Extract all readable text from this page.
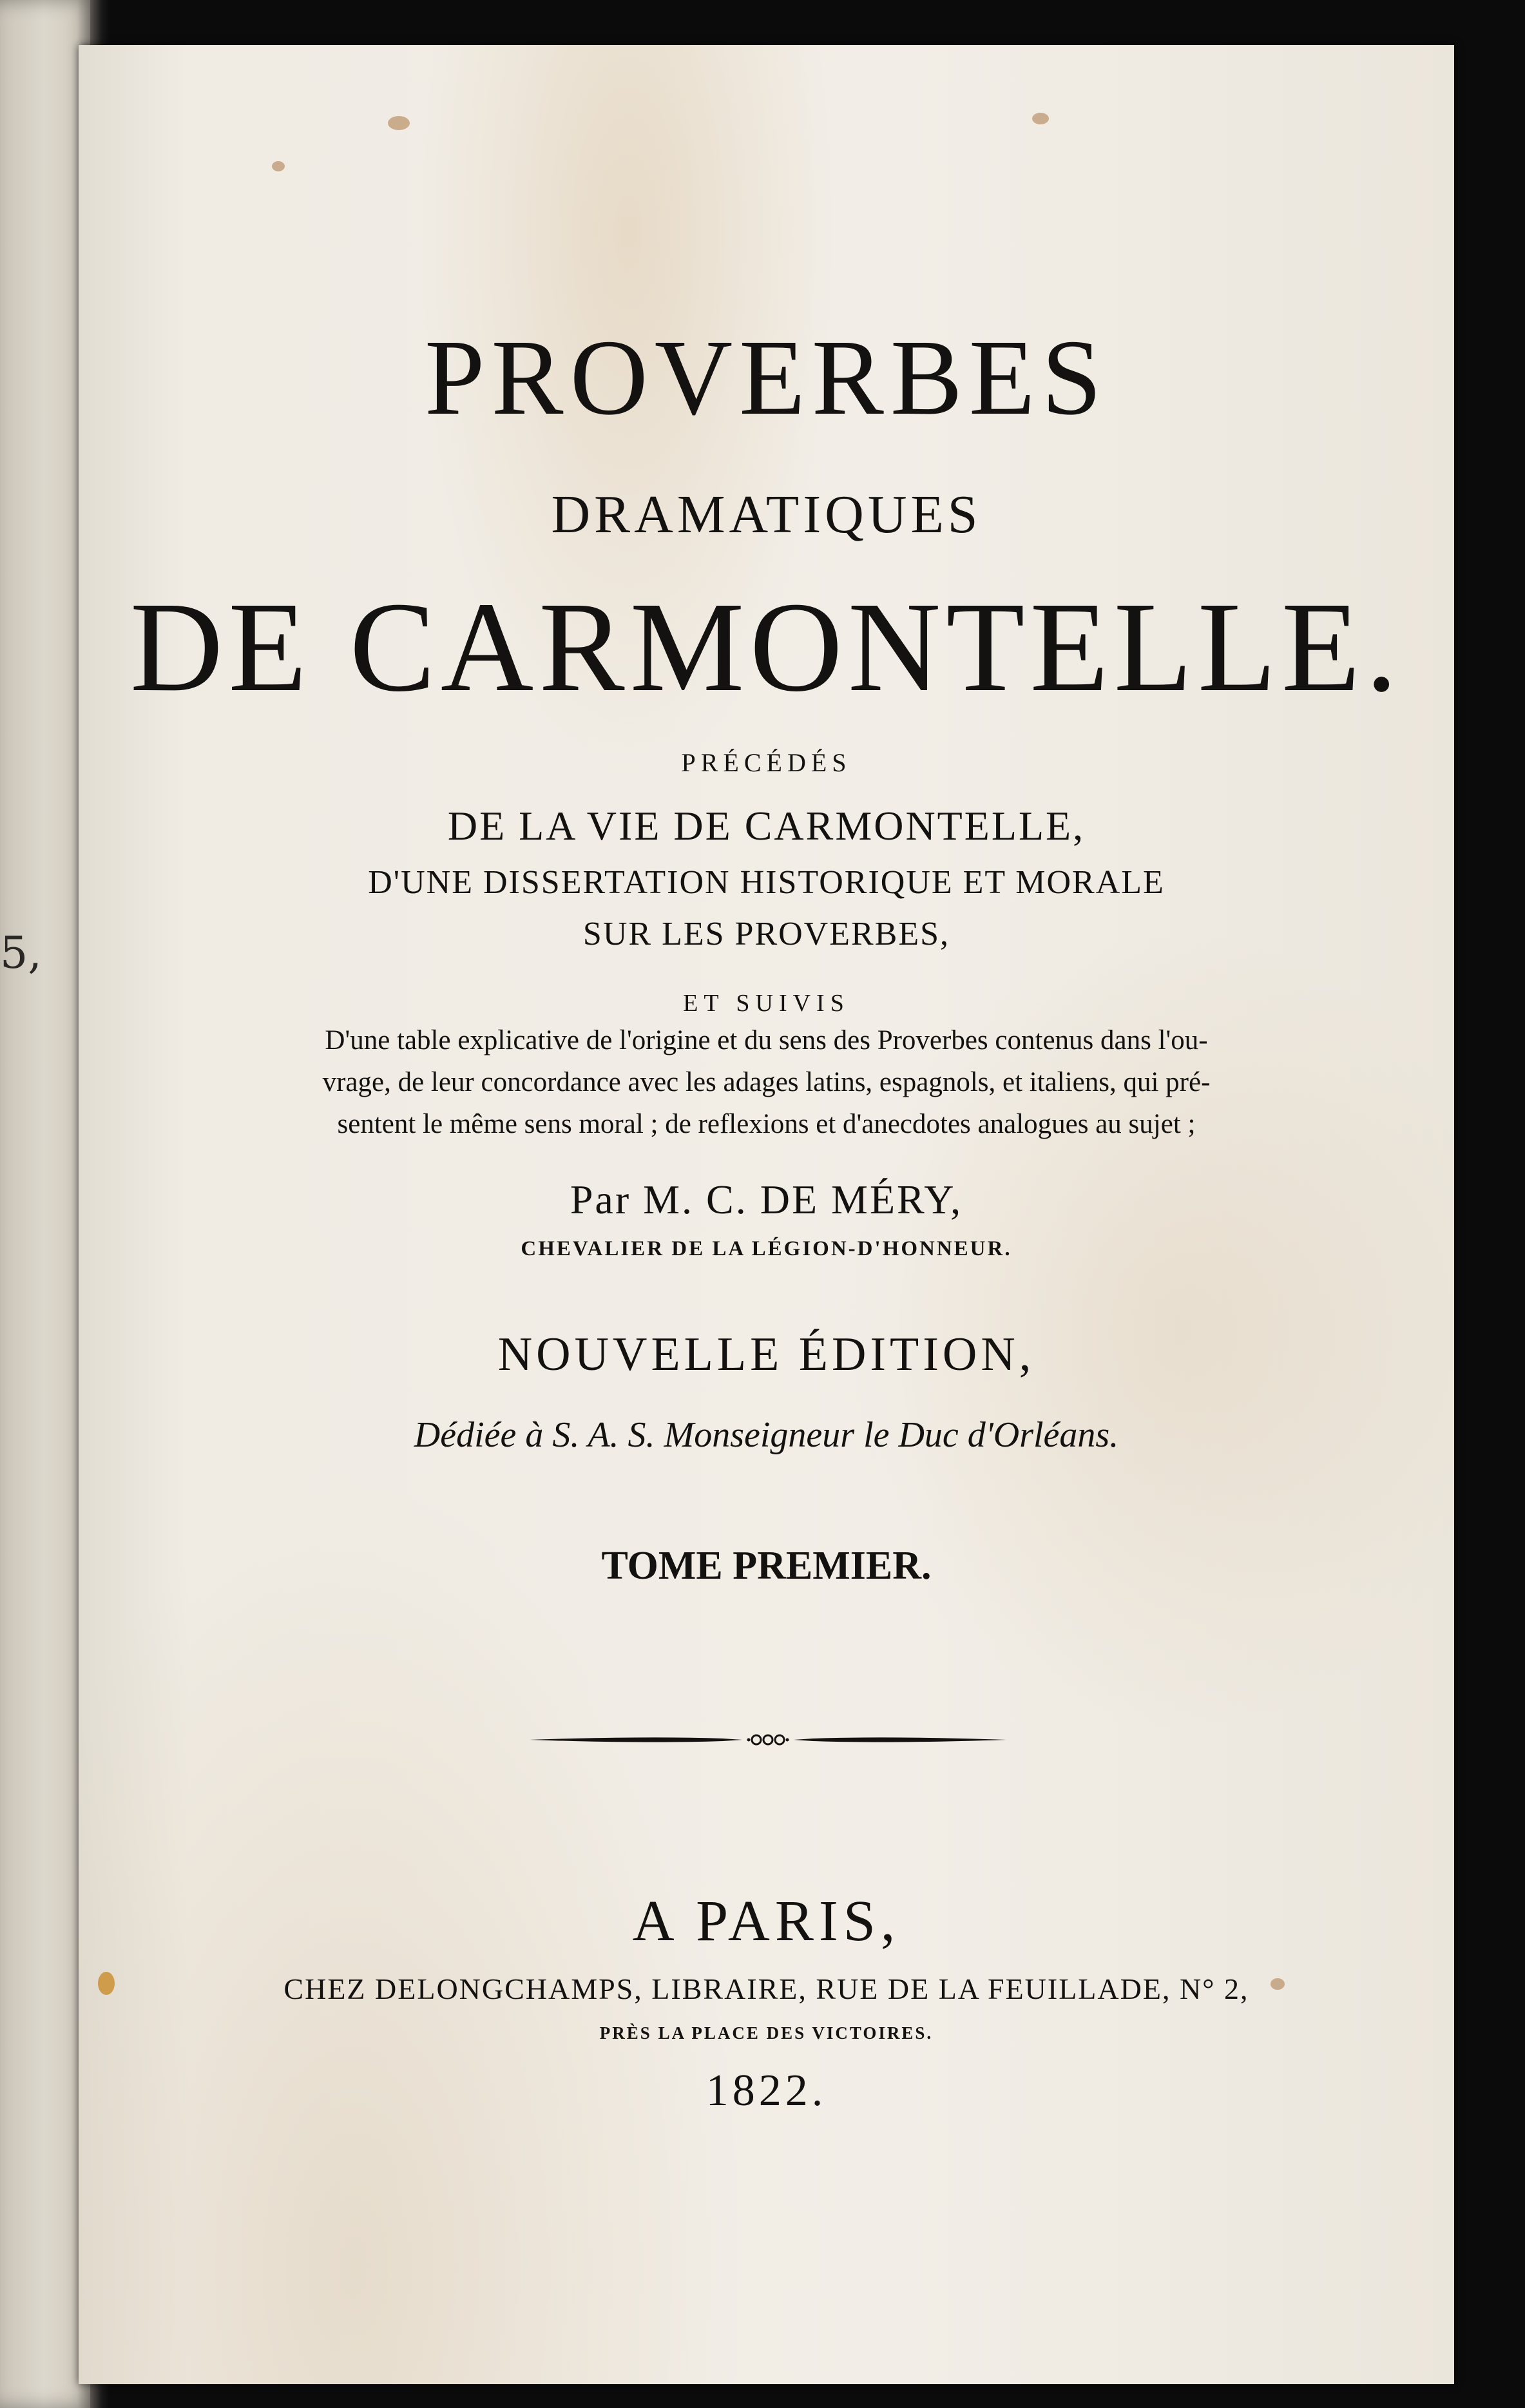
5,
PROVERBES
DRAMATIQUES
DE CARMONTELLE.
PRÉCÉDÉS
DE LA VIE DE CARMONTELLE,
D'UNE DISSERTATION HISTORIQUE ET MORALE
SUR LES PROVERBES,
ET SUIVIS
D'une table explicative de l'origine et du sens des Proverbes contenus dans l'ou-
vrage, de leur concordance avec les adages latins, espagnols, et italiens, qui pré-
sentent le même sens moral ; de reflexions et d'anecdotes analogues au sujet ;
Par M. C. DE MÉRY,
CHEVALIER DE LA LÉGION-D'HONNEUR.
NOUVELLE ÉDITION,
Dédiée à S. A. S. Monseigneur le Duc d'Orléans.
TOME PREMIER.
A PARIS,
CHEZ DELONGCHAMPS, LIBRAIRE, RUE DE LA FEUILLADE, N° 2,
PRÈS LA PLACE DES VICTOIRES.
1822.
